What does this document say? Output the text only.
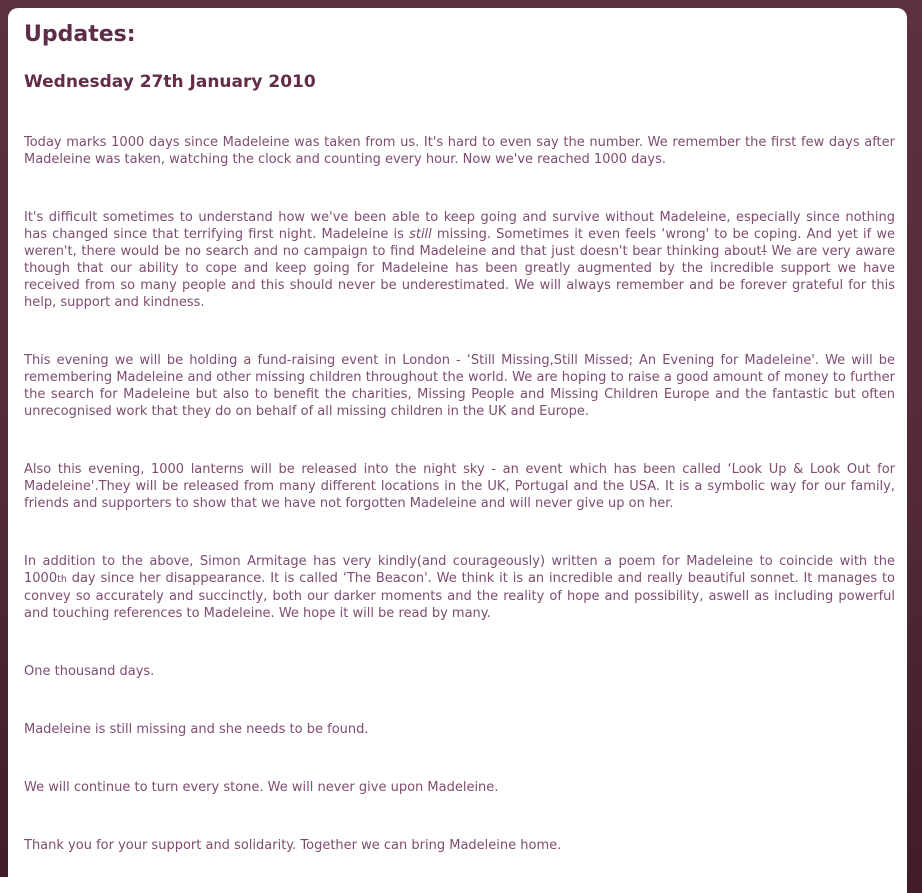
Updates:
Wednesday 27th January 2010

Today marks 1000 days since Madeleine was taken from us. It's hard to even say the number. We remember the first few days after Madeleine was taken, watching the clock and counting every hour. Now we've reached 1000 days.

It's difficult sometimes to understand how we've been able to keep going and survive without Madeleine, especially since nothing has changed since that terrifying first night. Madeleine is still missing. Sometimes it even feels ‘wrong' to be coping. And yet if we weren't, there would be no search and no campaign to find Madeleine and that just doesn't bear thinking about! We are very aware though that our ability to cope and keep going for Madeleine has been greatly augmented by the incredible support we have received from so many people and this should never be underestimated. We will always remember and be forever grateful for this help, support and kindness.

This evening we will be holding a fund-raising event in London - ‘Still Missing,Still Missed; An Evening for Madeleine'. We will be remembering Madeleine and other missing children throughout the world. We are hoping to raise a good amount of money to further the search for Madeleine but also to benefit the charities, Missing People and Missing Children Europe and the fantastic but often unrecognised work that they do on behalf of all missing children in the UK and Europe.

Also this evening, 1000 lanterns will be released into the night sky - an event which has been called ‘Look Up & Look Out for Madeleine'.They will be released from many different locations in the UK, Portugal and the USA. It is a symbolic way for our family, friends and supporters to show that we have not forgotten Madeleine and will never give up on her.

In addition to the above, Simon Armitage has very kindly(and courageously) written a poem for Madeleine to coincide with the 1000th day since her disappearance. It is called ‘The Beacon'. We think it is an incredible and really beautiful sonnet. It manages to convey so accurately and succinctly, both our darker moments and the reality of hope and possibility, aswell as including powerful and touching references to Madeleine. We hope it will be read by many.

One thousand days.

Madeleine is still missing and she needs to be found.

We will continue to turn every stone. We will never give upon Madeleine.

Thank you for your support and solidarity. Together we can bring Madeleine home.
